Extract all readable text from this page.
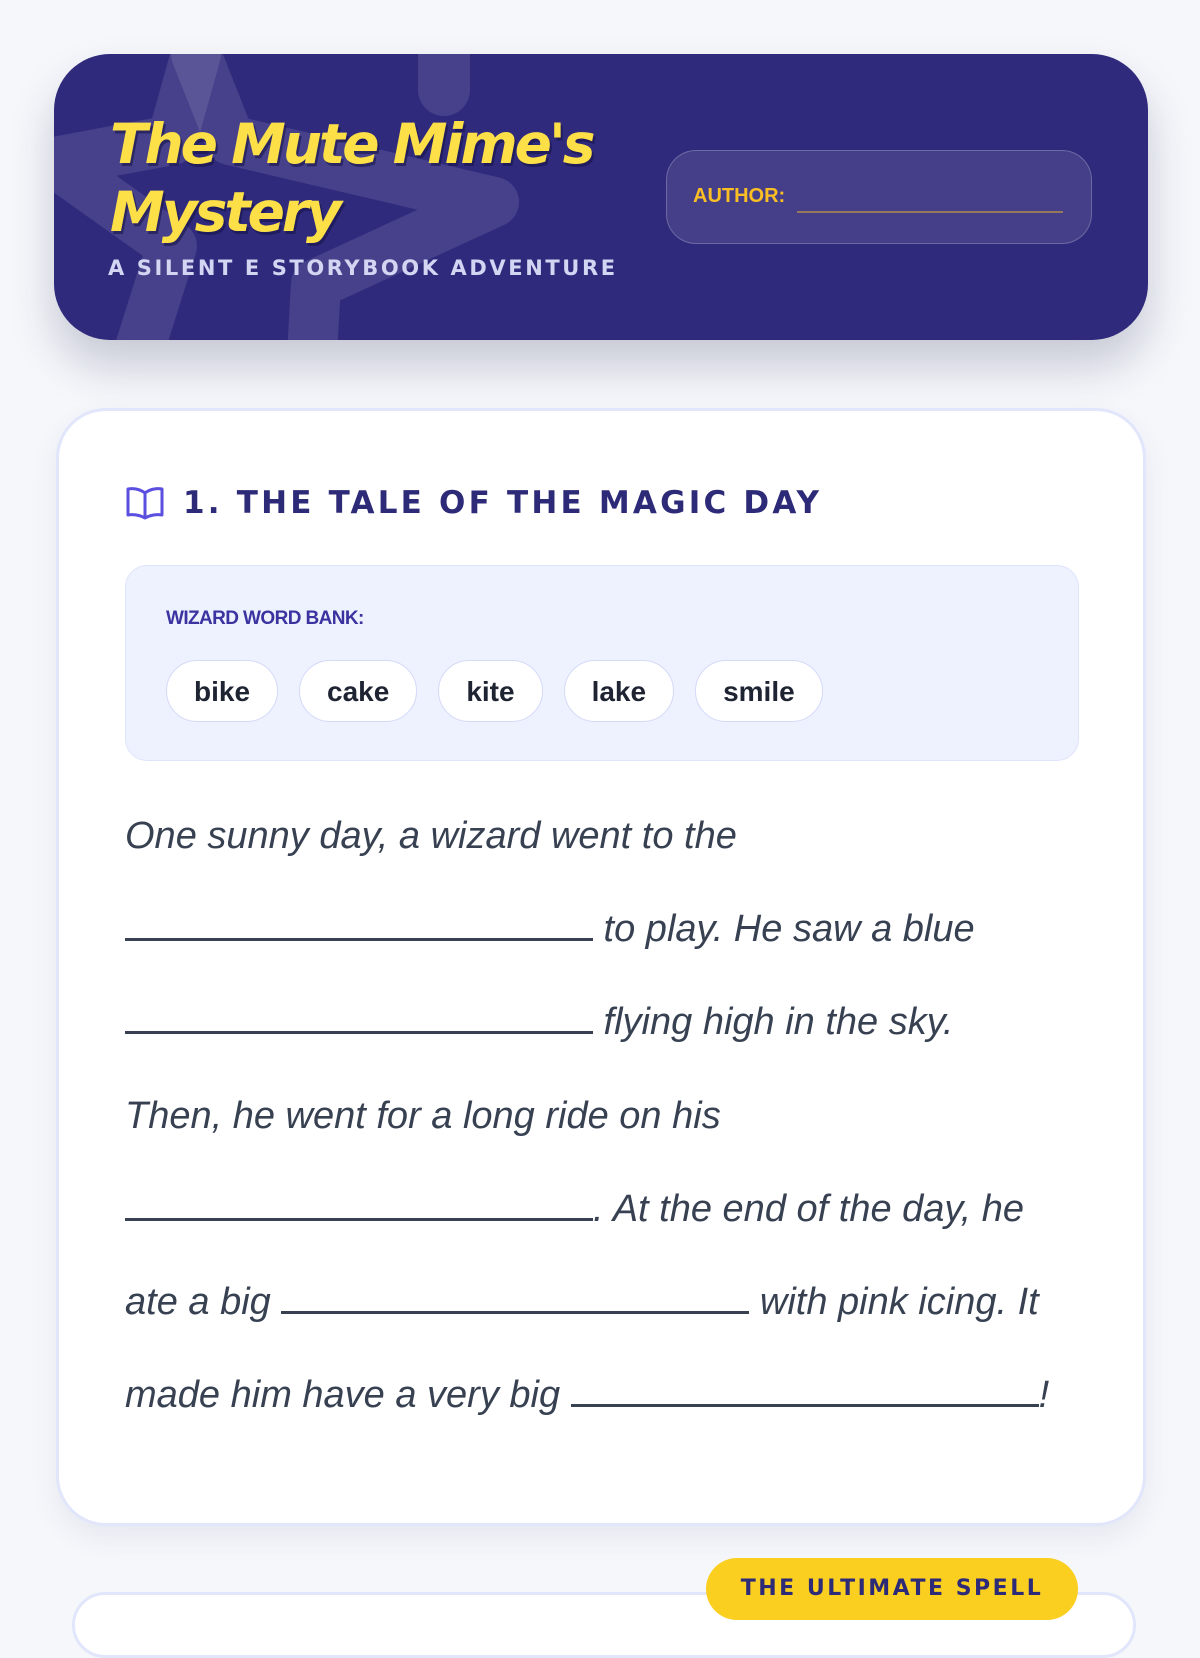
The Mute Mime's Mystery

A SILENT E STORYBOOK ADVENTURE

AUTHOR:
1. THE TALE OF THE MAGIC DAY
WIZARD WORD BANK:
bike	cake	kite	lake	smile
One sunny day, a wizard went to the
to play. He saw a blue
flying high in the sky.
Then, he went for a long ride on his
. At the end of the day, he
ate a big	with pink icing. It
made him have a very big	!
THE ULTIMATE SPELL
